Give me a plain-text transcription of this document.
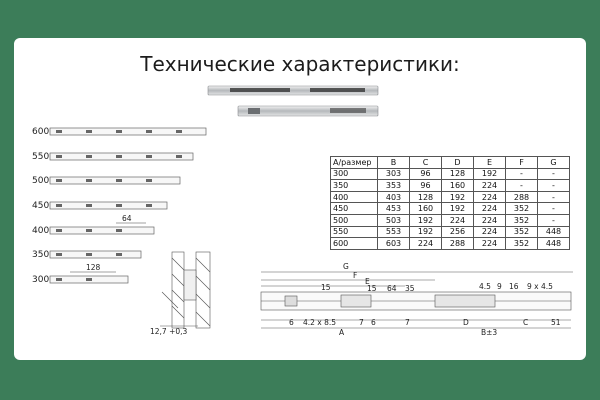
Технические характеристики:
600
550
500
450
400
350
300
64
128
A/размер	B	C	D	E	F	G
300	303	96	128	192	-	-
350	353	96	160	224	-	-
400	403	128	192	224	288	-
450	453	160	192	224	352	-
500	503	192	224	224	352	-
550	553	192	256	224	352	448
600	603	224	288	224	352	448
12,7 +0,3
G
F
E
15	15 64 35	4.5 9 16 9 x 4.5
6 4.2 x 8.5	7 6	7	D	C	51
A	B±3
